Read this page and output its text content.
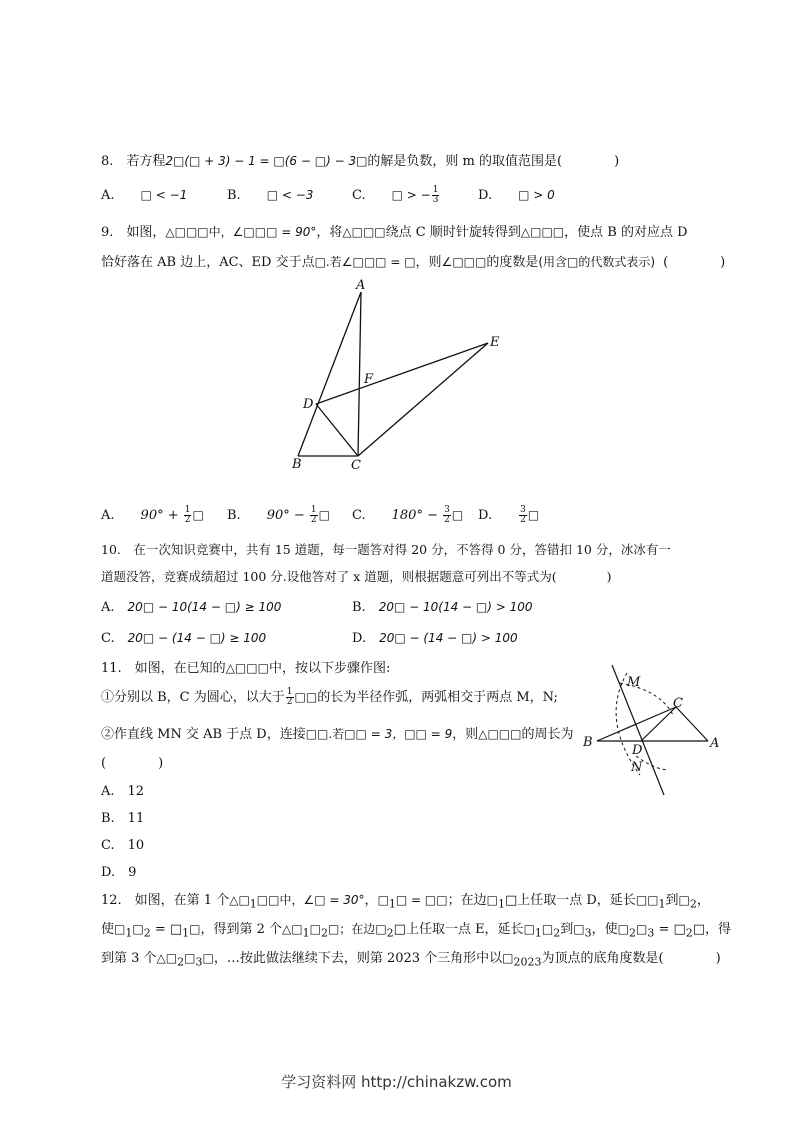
8.　若方程2□(□ + 3) − 1 = □(6 − □) − 3□的解是负数，则 m 的取值范围是(　　　　)
A.　　 □ < −1	B.　　 □ < −3	C.　　 □ > − $\frac{1}{3}$	D.　　 □ > 0
9.　如图，△□□□中，∠□□□ = 90°，将△□□□绕点 C 顺时针旋转得到△□□□，使点 B 的对应点 D
恰好落在 AB 边上，AC、ED 交于点□.若∠□□□ = □，则∠□□□的度数是(用含□的代数式表示) (　　　　)
A
B	C
D
E
F
A.　　 $90^\circ + \frac{1}{2}$ □ B.　　 $90^\circ - \frac{1}{2}$ □ C.　　 $180^\circ - \frac{3}{2}$ □ D.　　	$\frac{3}{2}$ □
10.　在一次知识竞赛中，共有 15 道题，每一题答对得 20 分，不答得 0 分，答错扣 10 分，冰冰有一
道题没答，竞赛成绩超过 100 分.设他答对了 x 道题，则根据题意可列出不等式为(　　　　)
A.　 20□ − 10(14 − □) ≥ 100	B.　 20□ − 10(14 − □) > 100
C.　 20□ − (14 − □) ≥ 100	D.　 20□ − (14 − □) > 100
11.　如图，在已知的△□□□中，按以下步骤作图:
①分别以 B，C 为圆心，以大于 $\frac{1}{2}$ □□的长为半径作弧，两弧相交于两点 M，N;
②作直线 MN 交 AB 于点 D，连接□□.若□□ = 3，□□ = 9，则△□□□的周长为
(　　　　)
A.　12
B.　11
C.　10
D.　9
M
C
B
D	A
N
12.　如图，在第 1 个$\triangle□_1□□$中，∠□ = 30°，$□_1□$ = □□；在边$□_1□$上任取一点 D，延长$□□_1$到$□_2$，
使$□_1□_2$ = $□_1□$，得到第 2 个$\triangle□_1□_2□$；在边$□_2□$上任取一点 E，延长$□_1□_2$到$□_3$，使$□_2□_3$ = $□_2□$，得
到第 3 个$\triangle□_2□_3□$，…按此做法继续下去，则第 2023 个三角形中以$□_{2023}$为顶点的底角度数是(　　　　)
学习资料网 http://chinakzw.com
